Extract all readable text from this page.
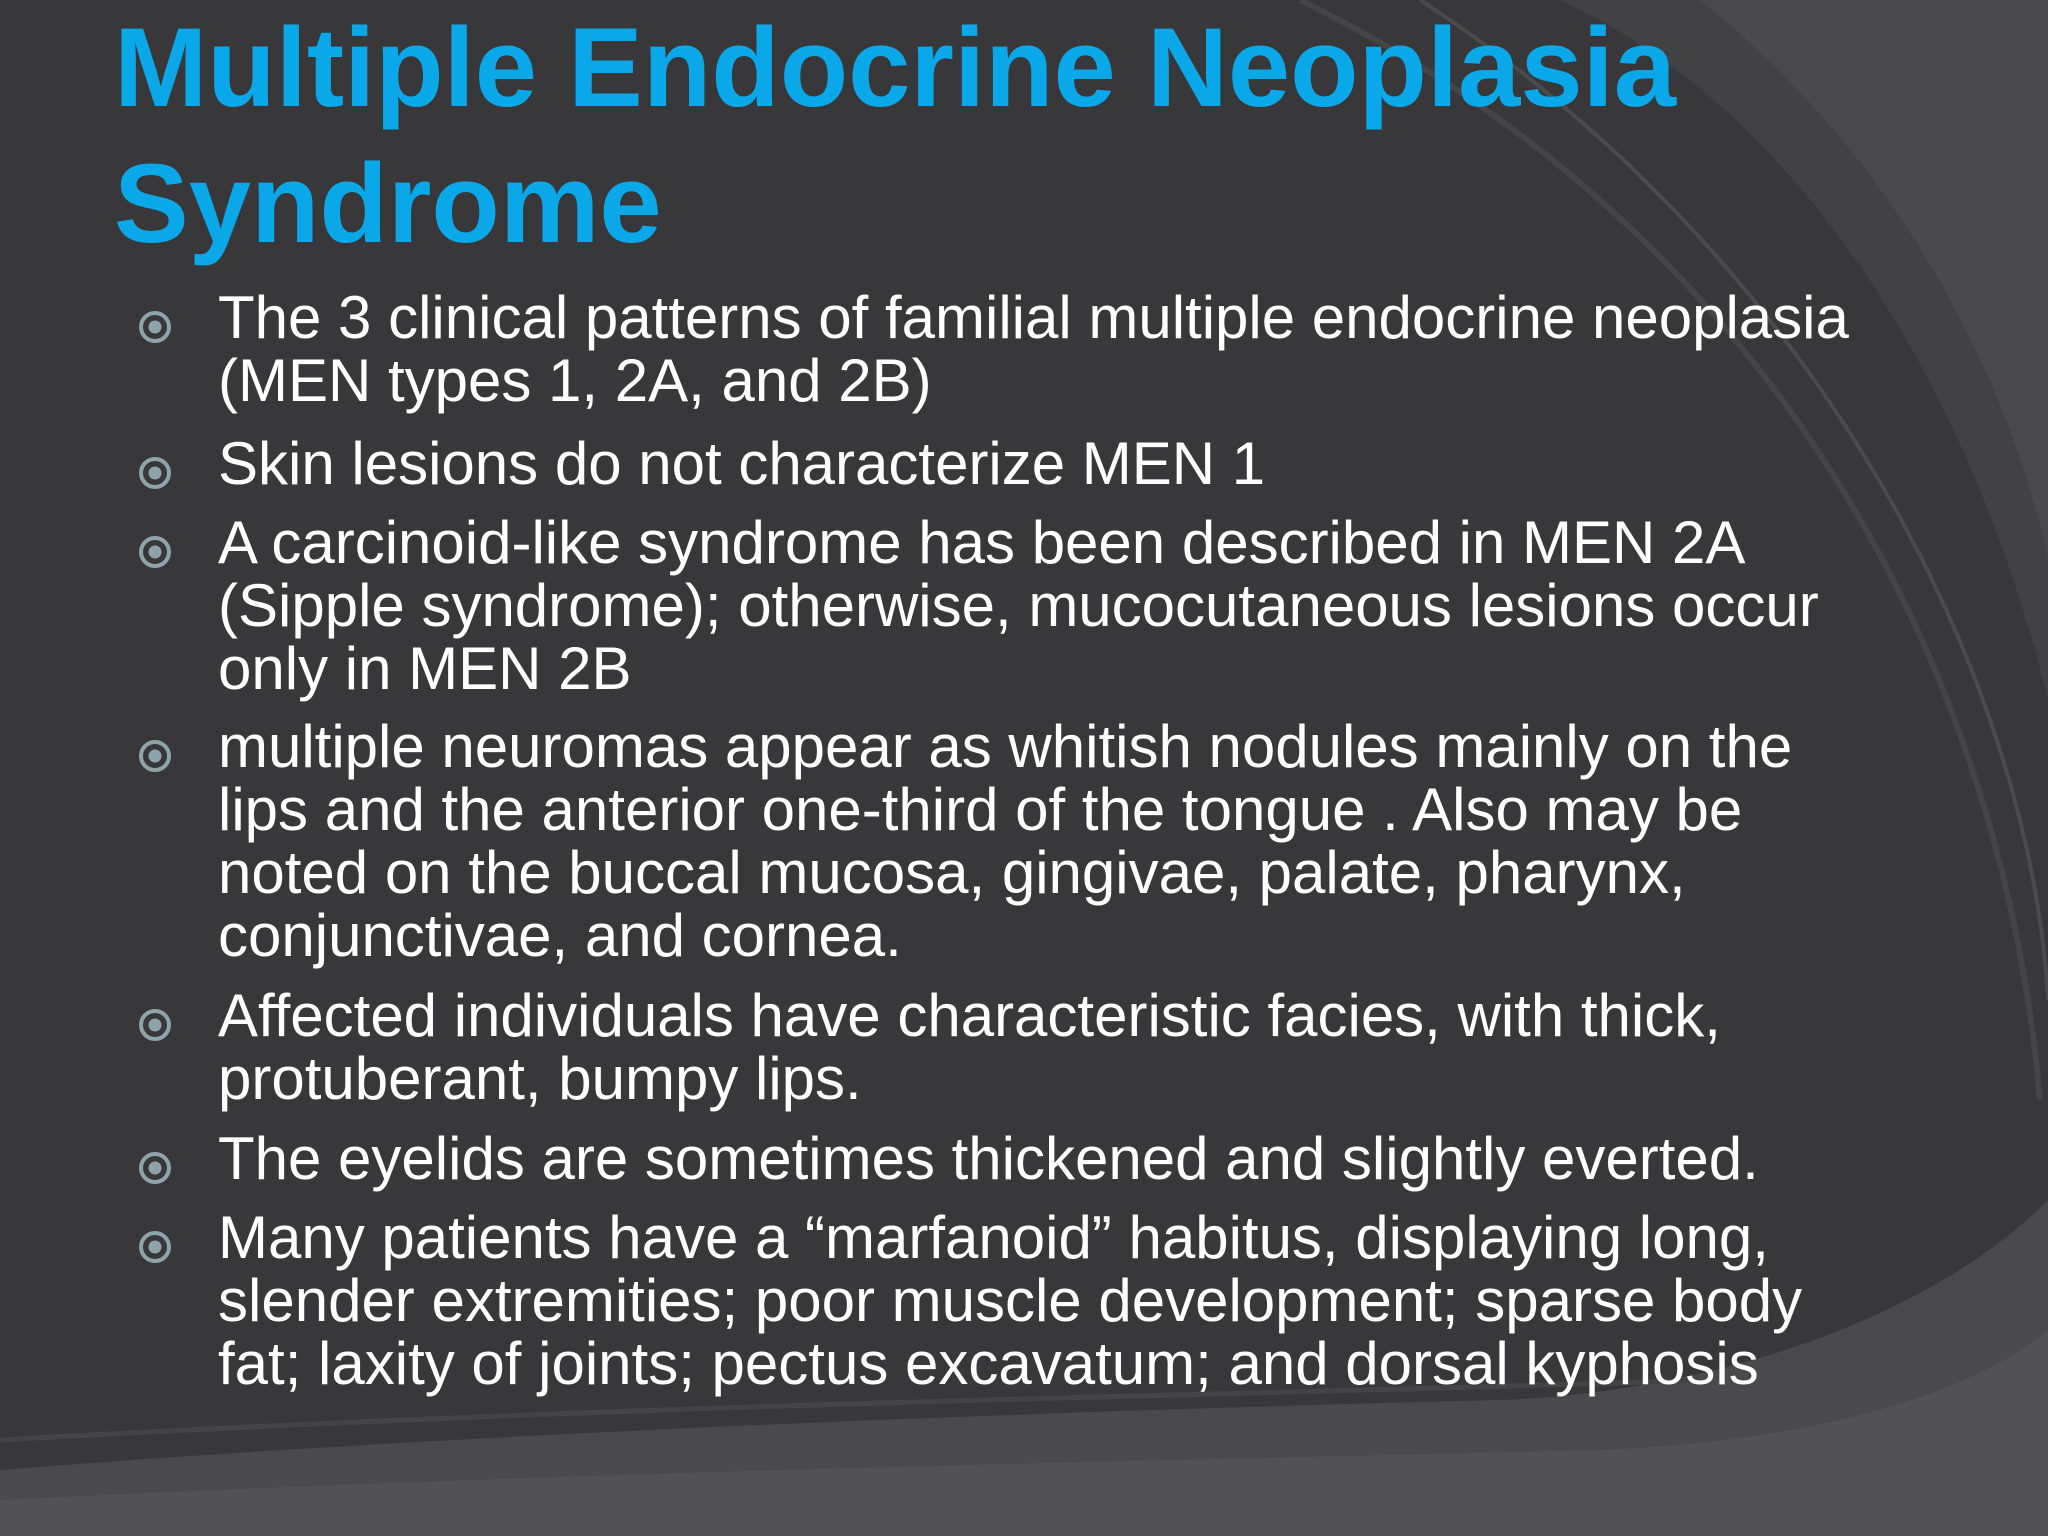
Multiple Endocrine Neoplasia
Syndrome

The 3 clinical patterns of familial multiple endocrine neoplasia
(MEN types 1, 2A, and 2B)

Skin lesions do not characterize MEN 1

A carcinoid-like syndrome has been described in MEN 2A
(Sipple syndrome); otherwise, mucocutaneous lesions occur
only in MEN 2B

multiple neuromas appear as whitish nodules mainly on the
lips and the anterior one-third of the tongue . Also may be
noted on the buccal mucosa, gingivae, palate, pharynx,
conjunctivae, and cornea.

Affected individuals have characteristic facies, with thick,
protuberant, bumpy lips.

The eyelids are sometimes thickened and slightly everted.

Many patients have a “marfanoid” habitus, displaying long,
slender extremities; poor muscle development; sparse body
fat; laxity of joints; pectus excavatum; and dorsal kyphosis
